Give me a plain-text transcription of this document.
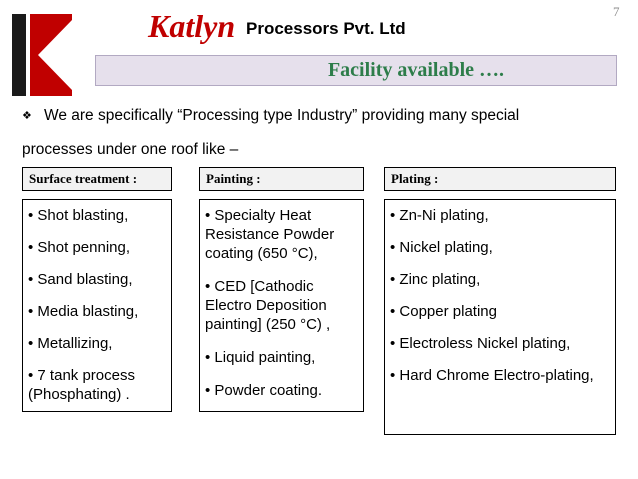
Katlyn Processors Pvt. Ltd
7
Facility available ….
❖ We are specifically “Processing type Industry” providing many special
processes under one roof like –
Surface treatment :	Painting :	Plating :
• Shot blasting,
• Shot penning,
• Sand blasting,
• Media blasting,
• Metallizing,
• 7 tank process (Phosphating) .
• Specialty Heat Resistance Powder coating (650 °C),
• CED [Cathodic Electro Deposition painting] (250 °C) ,
• Liquid painting,
• Powder coating.
• Zn-Ni plating,
• Nickel plating,
• Zinc plating,
• Copper plating
• Electroless Nickel plating,
• Hard Chrome Electro-plating,
